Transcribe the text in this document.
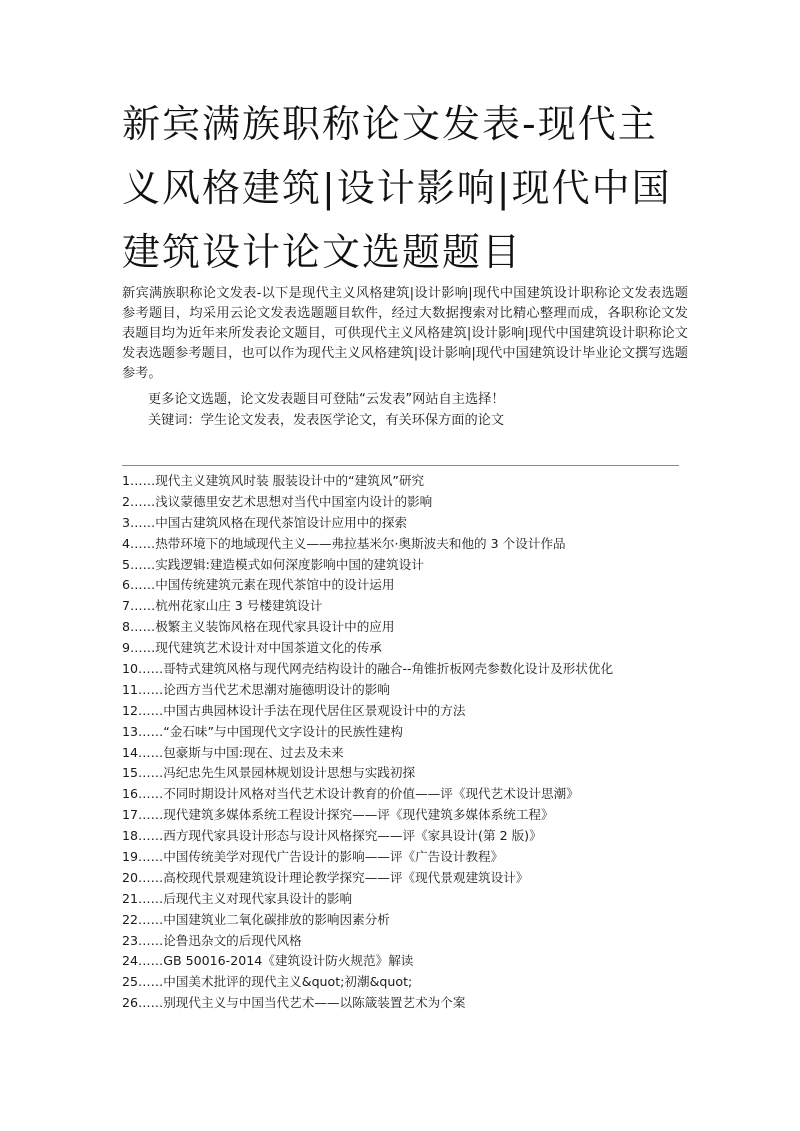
新宾满族职称论文发表-现代主义风格建筑|设计影响|现代中国建筑设计论文选题题目

新宾满族职称论文发表-以下是现代主义风格建筑|设计影响|现代中国建筑设计职称论文发表选题参考题目，均采用云论文发表选题题目软件，经过大数据搜索对比精心整理而成，各职称论文发表题目均为近年来所发表论文题目，可供现代主义风格建筑|设计影响|现代中国建筑设计职称论文发表选题参考题目，也可以作为现代主义风格建筑|设计影响|现代中国建筑设计毕业论文撰写选题参考。

更多论文选题，论文发表题目可登陆“云发表”网站自主选择！

关键词：学生论文发表，发表医学论文，有关环保方面的论文

1……现代主义建筑风时装 服装设计中的“建筑风”研究
2……浅议蒙德里安艺术思想对当代中国室内设计的影响
3……中国古建筑风格在现代茶馆设计应用中的探索
4……热带环境下的地域现代主义——弗拉基米尔·奥斯波夫和他的 3 个设计作品
5……实践逻辑:建造模式如何深度影响中国的建筑设计
6……中国传统建筑元素在现代茶馆中的设计运用
7……杭州花家山庄 3 号楼建筑设计
8……极繁主义装饰风格在现代家具设计中的应用
9……现代建筑艺术设计对中国茶道文化的传承
10……哥特式建筑风格与现代网壳结构设计的融合--角锥折板网壳参数化设计及形状优化
11……论西方当代艺术思潮对施德明设计的影响
12……中国古典园林设计手法在现代居住区景观设计中的方法
13……“金石味”与中国现代文字设计的民族性建构
14……包豪斯与中国:现在、过去及未来
15……冯纪忠先生风景园林规划设计思想与实践初探
16……不同时期设计风格对当代艺术设计教育的价值——评《现代艺术设计思潮》
17……现代建筑多媒体系统工程设计探究——评《现代建筑多媒体系统工程》
18……西方现代家具设计形态与设计风格探究——评《家具设计(第 2 版)》
19……中国传统美学对现代广告设计的影响——评《广告设计教程》
20……高校现代景观建筑设计理论教学探究——评《现代景观建筑设计》
21……后现代主义对现代家具设计的影响
22……中国建筑业二氧化碳排放的影响因素分析
23……论鲁迅杂文的后现代风格
24……GB 50016-2014《建筑设计防火规范》解读
25……中国美术批评的现代主义&quot;初潮&quot;
26……别现代主义与中国当代艺术——以陈箴装置艺术为个案
